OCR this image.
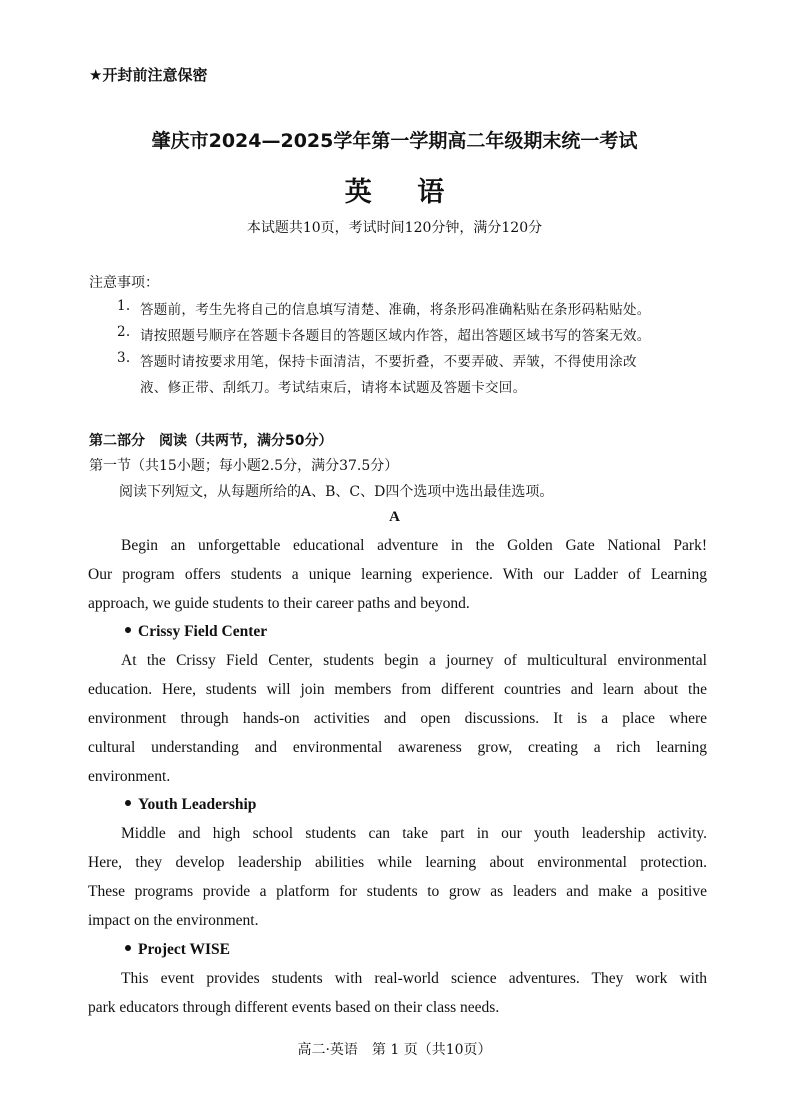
★开封前注意保密
肇庆市2024—2025学年第一学期高二年级期末统一考试
英 语
本试题共10页，考试时间120分钟，满分120分
注意事项：
1. 答题前，考生先将自己的信息填写清楚、准确，将条形码准确粘贴在条形码粘贴处。
2. 请按照题号顺序在答题卡各题目的答题区域内作答，超出答题区域书写的答案无效。
3. 答题时请按要求用笔，保持卡面清洁，不要折叠，不要弄破、弄皱，不得使用涂改
液、修正带、刮纸刀。考试结束后，请将本试题及答题卡交回。
第二部分　阅读（共两节，满分50分）
第一节（共15小题；每小题2.5分，满分37.5分）
阅读下列短文，从每题所给的A、B、C、D四个选项中选出最佳选项。
A
Begin an unforgettable educational adventure in the Golden Gate National Park!
Our program offers students a unique learning experience. With our Ladder of Learning
approach, we guide students to their career paths and beyond.
Crissy Field Center
At the Crissy Field Center, students begin a journey of multicultural environmental
education. Here, students will join members from different countries and learn about the
environment through hands-on activities and open discussions. It is a place where
cultural understanding and environmental awareness grow, creating a rich learning
environment.
Youth Leadership
Middle and high school students can take part in our youth leadership activity.
Here, they develop leadership abilities while learning about environmental protection.
These programs provide a platform for students to grow as leaders and make a positive
impact on the environment.
Project WISE
This event provides students with real-world science adventures. They work with
park educators through different events based on their class needs.
高二·英语　第 1 页（共10页）
